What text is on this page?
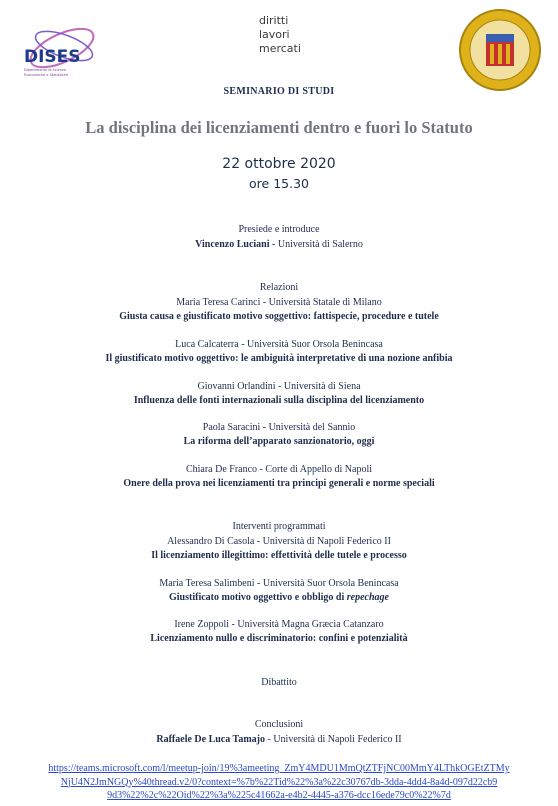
DISES
Dipartimento di Scienze
Economiche e Statistiche
diritti
lavori
mercati
SEMINARIO DI STUDI
La disciplina dei licenziamenti dentro e fuori lo Statuto
22 ottobre 2020
ore 15.30
Presiede e introduce
Vincenzo Luciani - Università di Salerno
Relazioni
Maria Teresa Carinci - Università Statale di Milano
Giusta causa e giustificato motivo soggettivo: fattispecie, procedure e tutele
Luca Calcaterra - Università Suor Orsola Benincasa
Il giustificato motivo oggettivo: le ambiguità interpretative di una nozione anfibia
Giovanni Orlandini - Università di Siena
Influenza delle fonti internazionali sulla disciplina del licenziamento
Paola Saracini - Università del Sannio
La riforma dell’apparato sanzionatorio, oggi
Chiara De Franco - Corte di Appello di Napoli
Onere della prova nei licenziamenti tra principi generali e norme speciali
Interventi programmati
Alessandro Di Casola - Università di Napoli Federico II
Il licenziamento illegittimo: effettività delle tutele e processo
Maria Teresa Salimbeni - Università Suor Orsola Benincasa
Giustificato motivo oggettivo e obbligo di repechage
Irene Zoppoli - Università Magna Græcia Catanzaro
Licenziamento nullo e discriminatorio: confini e potenzialità
Dibattito
Conclusioni
Raffaele De Luca Tamajo - Università di Napoli Federico II
https://teams.microsoft.com/l/meetup-join/19%3ameeting_ZmY4MDU1MmQtZTFjNC00MmY4LThkOGEtZTMy
NjU4N2JmNGQy%40thread.v2/0?context=%7b%22Tid%22%3a%22c30767db-3dda-4dd4-8a4d-097d22cb9
9d3%22%2c%22Oid%22%3a%225c41662a-e4b2-4445-a376-dcc16ede79c0%22%7d
